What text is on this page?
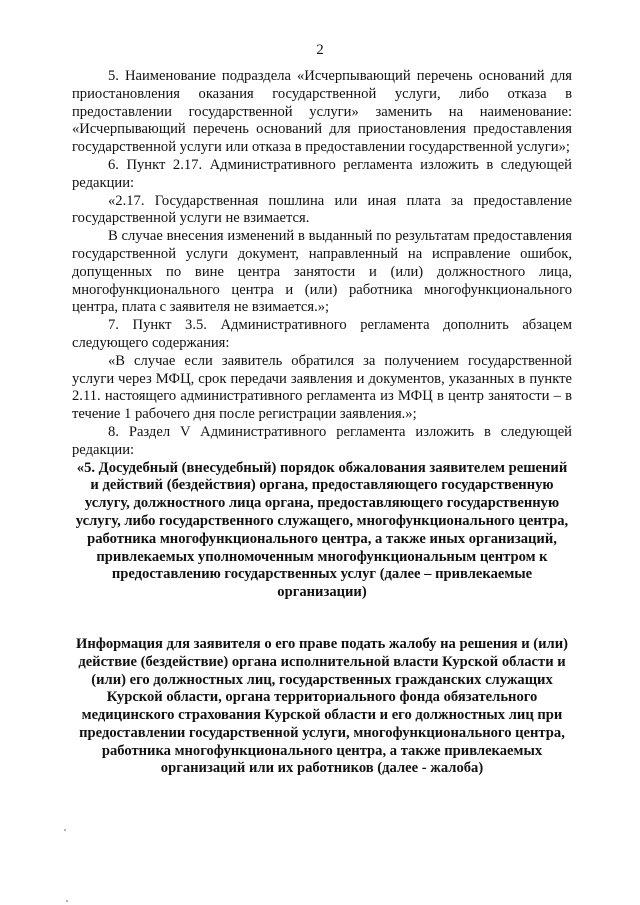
2

5. Наименование подраздела «Исчерпывающий перечень оснований для приостановления оказания государственной услуги, либо отказа в предоставлении государственной услуги» заменить на наименование: «Исчерпывающий перечень оснований для приостановления предоставления государственной услуги или отказа в предоставлении государственной услуги»;

6. Пункт 2.17. Административного регламента изложить в следующей редакции:

«2.17. Государственная пошлина или иная плата за предоставление государственной услуги не взимается.

В случае внесения изменений в выданный по результатам предоставления государственной услуги документ, направленный на исправление ошибок, допущенных по вине центра занятости и (или) должностного лица, многофункционального центра и (или) работника многофункционального центра, плата с заявителя не взимается.»;

7. Пункт 3.5. Административного регламента дополнить абзацем следующего содержания:

«В случае если заявитель обратился за получением государственной услуги через МФЦ, срок передачи заявления и документов, указанных в пункте 2.11. настоящего административного регламента из МФЦ в центр занятости – в течение 1 рабочего дня после регистрации заявления.»;

8. Раздел V Административного регламента изложить в следующей редакции:

«5. Досудебный (внесудебный) порядок обжалования заявителем решений и действий (бездействия) органа, предоставляющего государственную услугу, должностного лица органа, предоставляющего государственную услугу, либо государственного служащего, многофункционального центра, работника многофункционального центра, а также иных организаций, привлекаемых уполномоченным многофункциональным центром к предоставлению государственных услуг (далее – привлекаемые организации)

Информация для заявителя о его праве подать жалобу на решения и (или) действие (бездействие) органа исполнительной власти Курской области и (или) его должностных лиц, государственных гражданских служащих Курской области, органа территориального фонда обязательного медицинского страхования Курской области и его должностных лиц при предоставлении государственной услуги, многофункционального центра, работника многофункционального центра, а также привлекаемых организаций или их работников (далее - жалоба)
